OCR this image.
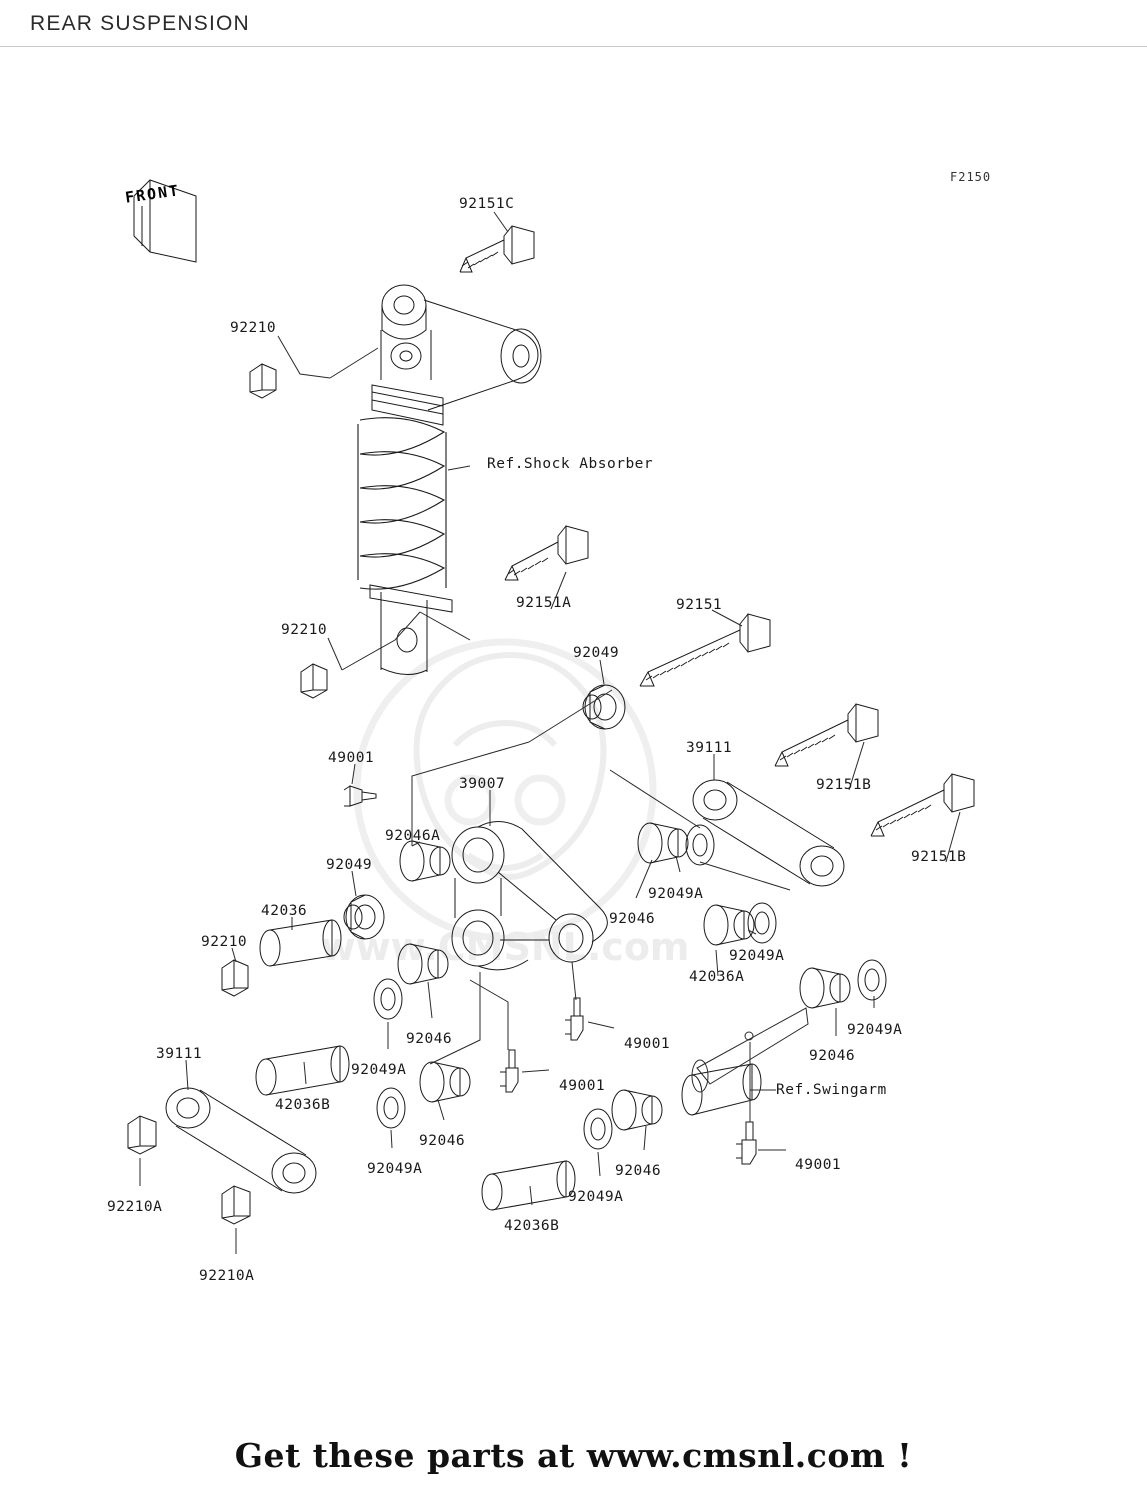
REAR SUSPENSION
F2150
www.CMSNL.com
FRONT
Ref.Shock Absorber
Ref.Swingarm
92151C
92210
92210
92151A	92151
92049
39111
92151B
92151B
49001
39007
92046A
92049
92049A
42036	92046
92210
92049A
42036A
92049A
92046	49001
92046
39111
92049A
42036B
49001
92046
92046
92049A	49001
92049A
92210A
42036B
92210A
Get these parts at www.cmsnl.com !
